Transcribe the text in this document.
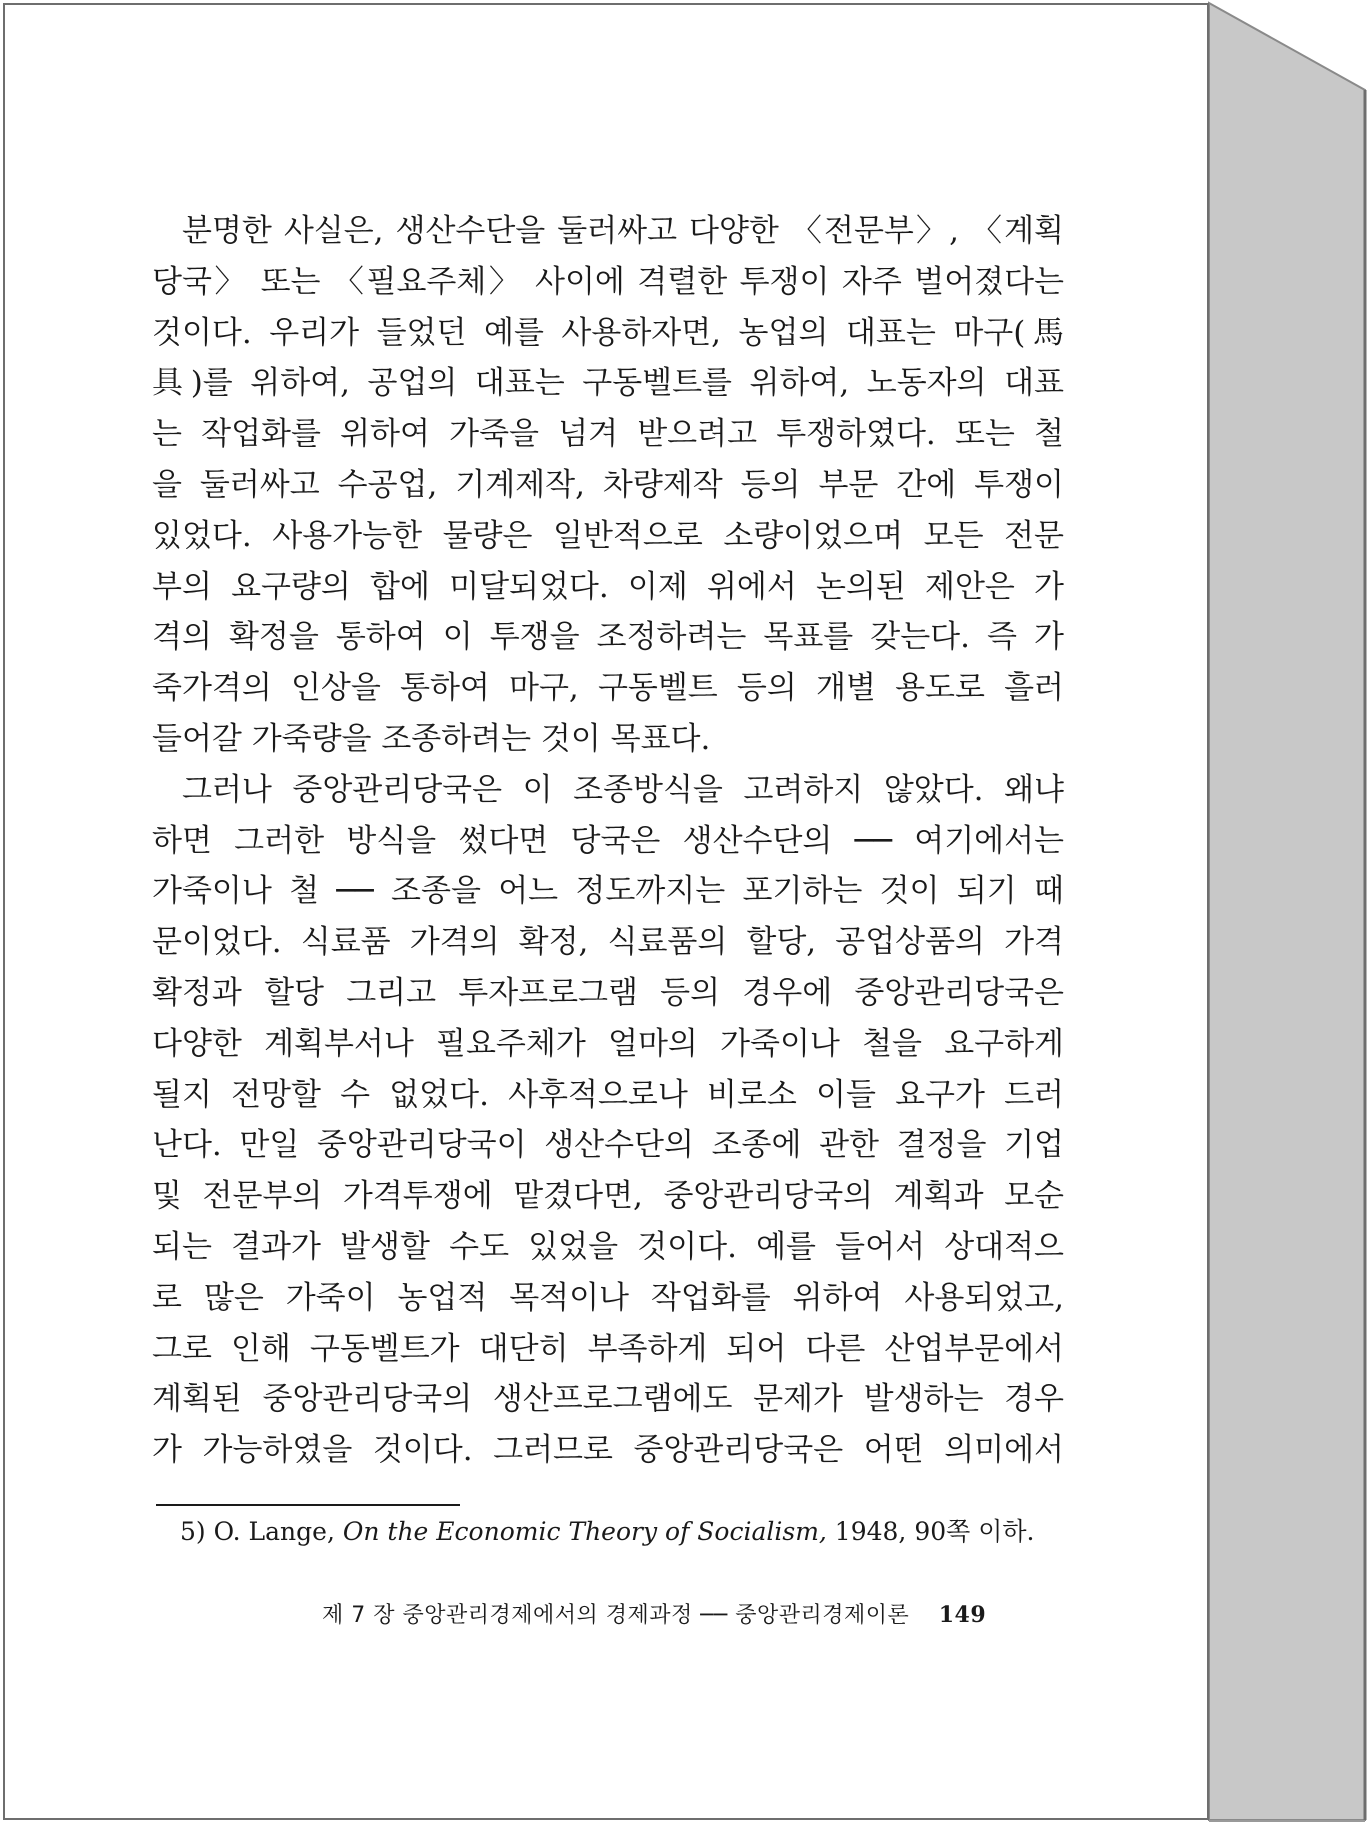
분명한 사실은, 생산수단을 둘러싸고 다양한 〈전문부〉, 〈계획
당국〉 또는 〈필요주체〉 사이에 격렬한 투쟁이 자주 벌어졌다는
것이다. 우리가 들었던 예를 사용하자면, 농업의 대표는 마구(馬
具)를 위하여, 공업의 대표는 구동벨트를 위하여, 노동자의 대표
는 작업화를 위하여 가죽을 넘겨 받으려고 투쟁하였다. 또는 철
을 둘러싸고 수공업, 기계제작, 차량제작 등의 부문 간에 투쟁이
있었다. 사용가능한 물량은 일반적으로 소량이었으며 모든 전문
부의 요구량의 합에 미달되었다. 이제 위에서 논의된 제안은 가
격의 확정을 통하여 이 투쟁을 조정하려는 목표를 갖는다. 즉 가
죽가격의 인상을 통하여 마구, 구동벨트 등의 개별 용도로 흘러
들어갈 가죽량을 조종하려는 것이 목표다.
그러나 중앙관리당국은 이 조종방식을 고려하지 않았다. 왜냐
하면 그러한 방식을 썼다면 당국은 생산수단의 ── 여기에서는
가죽이나 철 ── 조종을 어느 정도까지는 포기하는 것이 되기 때
문이었다. 식료품 가격의 확정, 식료품의 할당, 공업상품의 가격
확정과 할당 그리고 투자프로그램 등의 경우에 중앙관리당국은
다양한 계획부서나 필요주체가 얼마의 가죽이나 철을 요구하게
될지 전망할 수 없었다. 사후적으로나 비로소 이들 요구가 드러
난다. 만일 중앙관리당국이 생산수단의 조종에 관한 결정을 기업
및 전문부의 가격투쟁에 맡겼다면, 중앙관리당국의 계획과 모순
되는 결과가 발생할 수도 있었을 것이다. 예를 들어서 상대적으
로 많은 가죽이 농업적 목적이나 작업화를 위하여 사용되었고,
그로 인해 구동벨트가 대단히 부족하게 되어 다른 산업부문에서
계획된 중앙관리당국의 생산프로그램에도 문제가 발생하는 경우
가 가능하였을 것이다. 그러므로 중앙관리당국은 어떤 의미에서
5) O. Lange, On the Economic Theory of Socialism, 1948, 90쪽 이하.
제 7 장 중앙관리경제에서의 경제과정 ── 중앙관리경제이론 149
